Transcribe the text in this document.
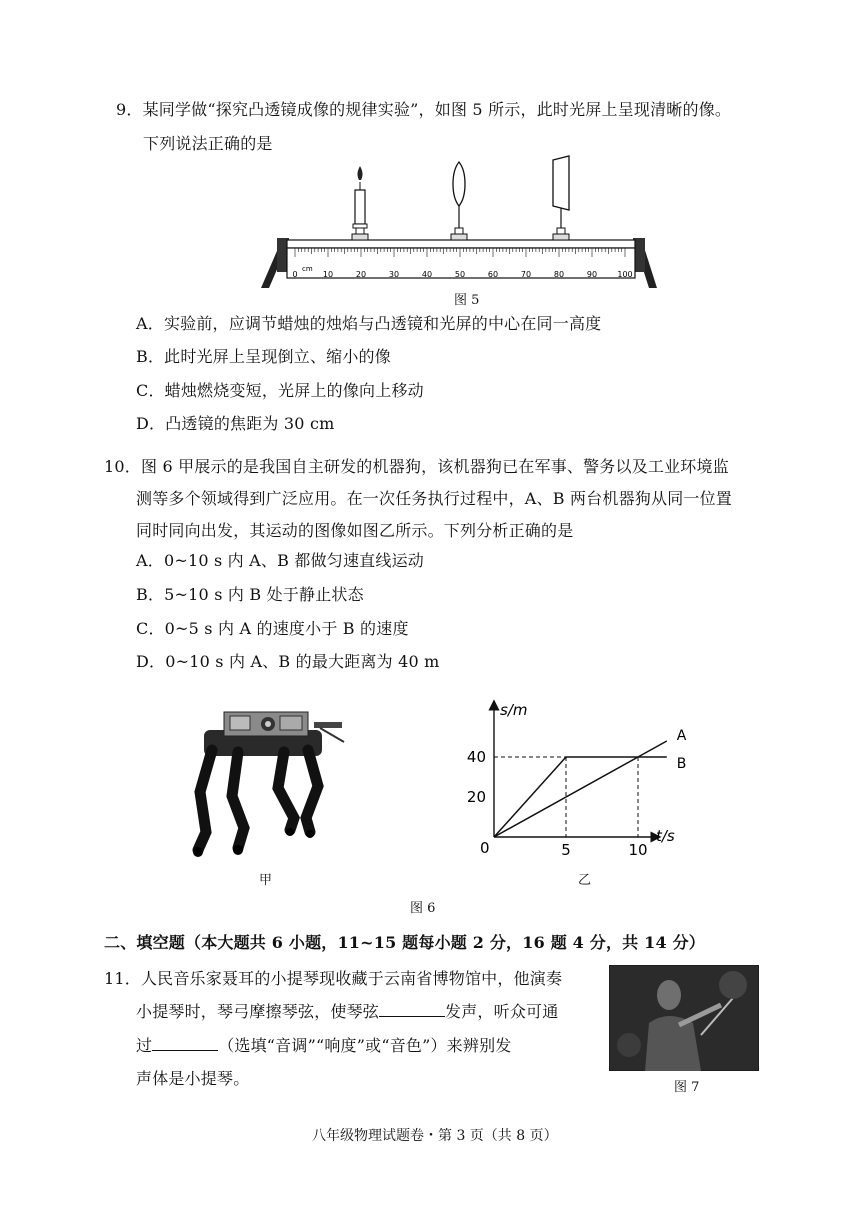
9．某同学做“探究凸透镜成像的规律实验”，如图 5 所示，此时光屏上呈现清晰的像。
下列说法正确的是
cm
0	10	20	30	40	50	60	70	80	90	100
图 5
A．实验前，应调节蜡烛的烛焰与凸透镜和光屏的中心在同一高度
B．此时光屏上呈现倒立、缩小的像
C．蜡烛燃烧变短，光屏上的像向上移动
D．凸透镜的焦距为 30 cm
10．图 6 甲展示的是我国自主研发的机器狗，该机器狗已在军事、警务以及工业环境监
测等多个领域得到广泛应用。在一次任务执行过程中，A、B 两台机器狗从同一位置
同时同向出发，其运动的图像如图乙所示。下列分析正确的是
A．0~10 s 内 A、B 都做匀速直线运动
B．5~10 s 内 B 处于静止状态
C．0~5 s 内 A 的速度小于 B 的速度
D．0~10 s 内 A、B 的最大距离为 40 m
甲
A
B
20
40
5	10
s/m
t/s
0
乙
图 6
二、填空题（本大题共 6 小题，11~15 题每小题 2 分，16 题 4 分，共 14 分）
11．人民音乐家聂耳的小提琴现收藏于云南省博物馆中，他演奏
小提琴时，琴弓摩擦琴弦，使琴弦	发声，听众可通
过	（选填“音调”“响度”或“音色”）来辨别发
声体是小提琴。	图 7
八年级物理试题卷・第 3 页（共 8 页）
